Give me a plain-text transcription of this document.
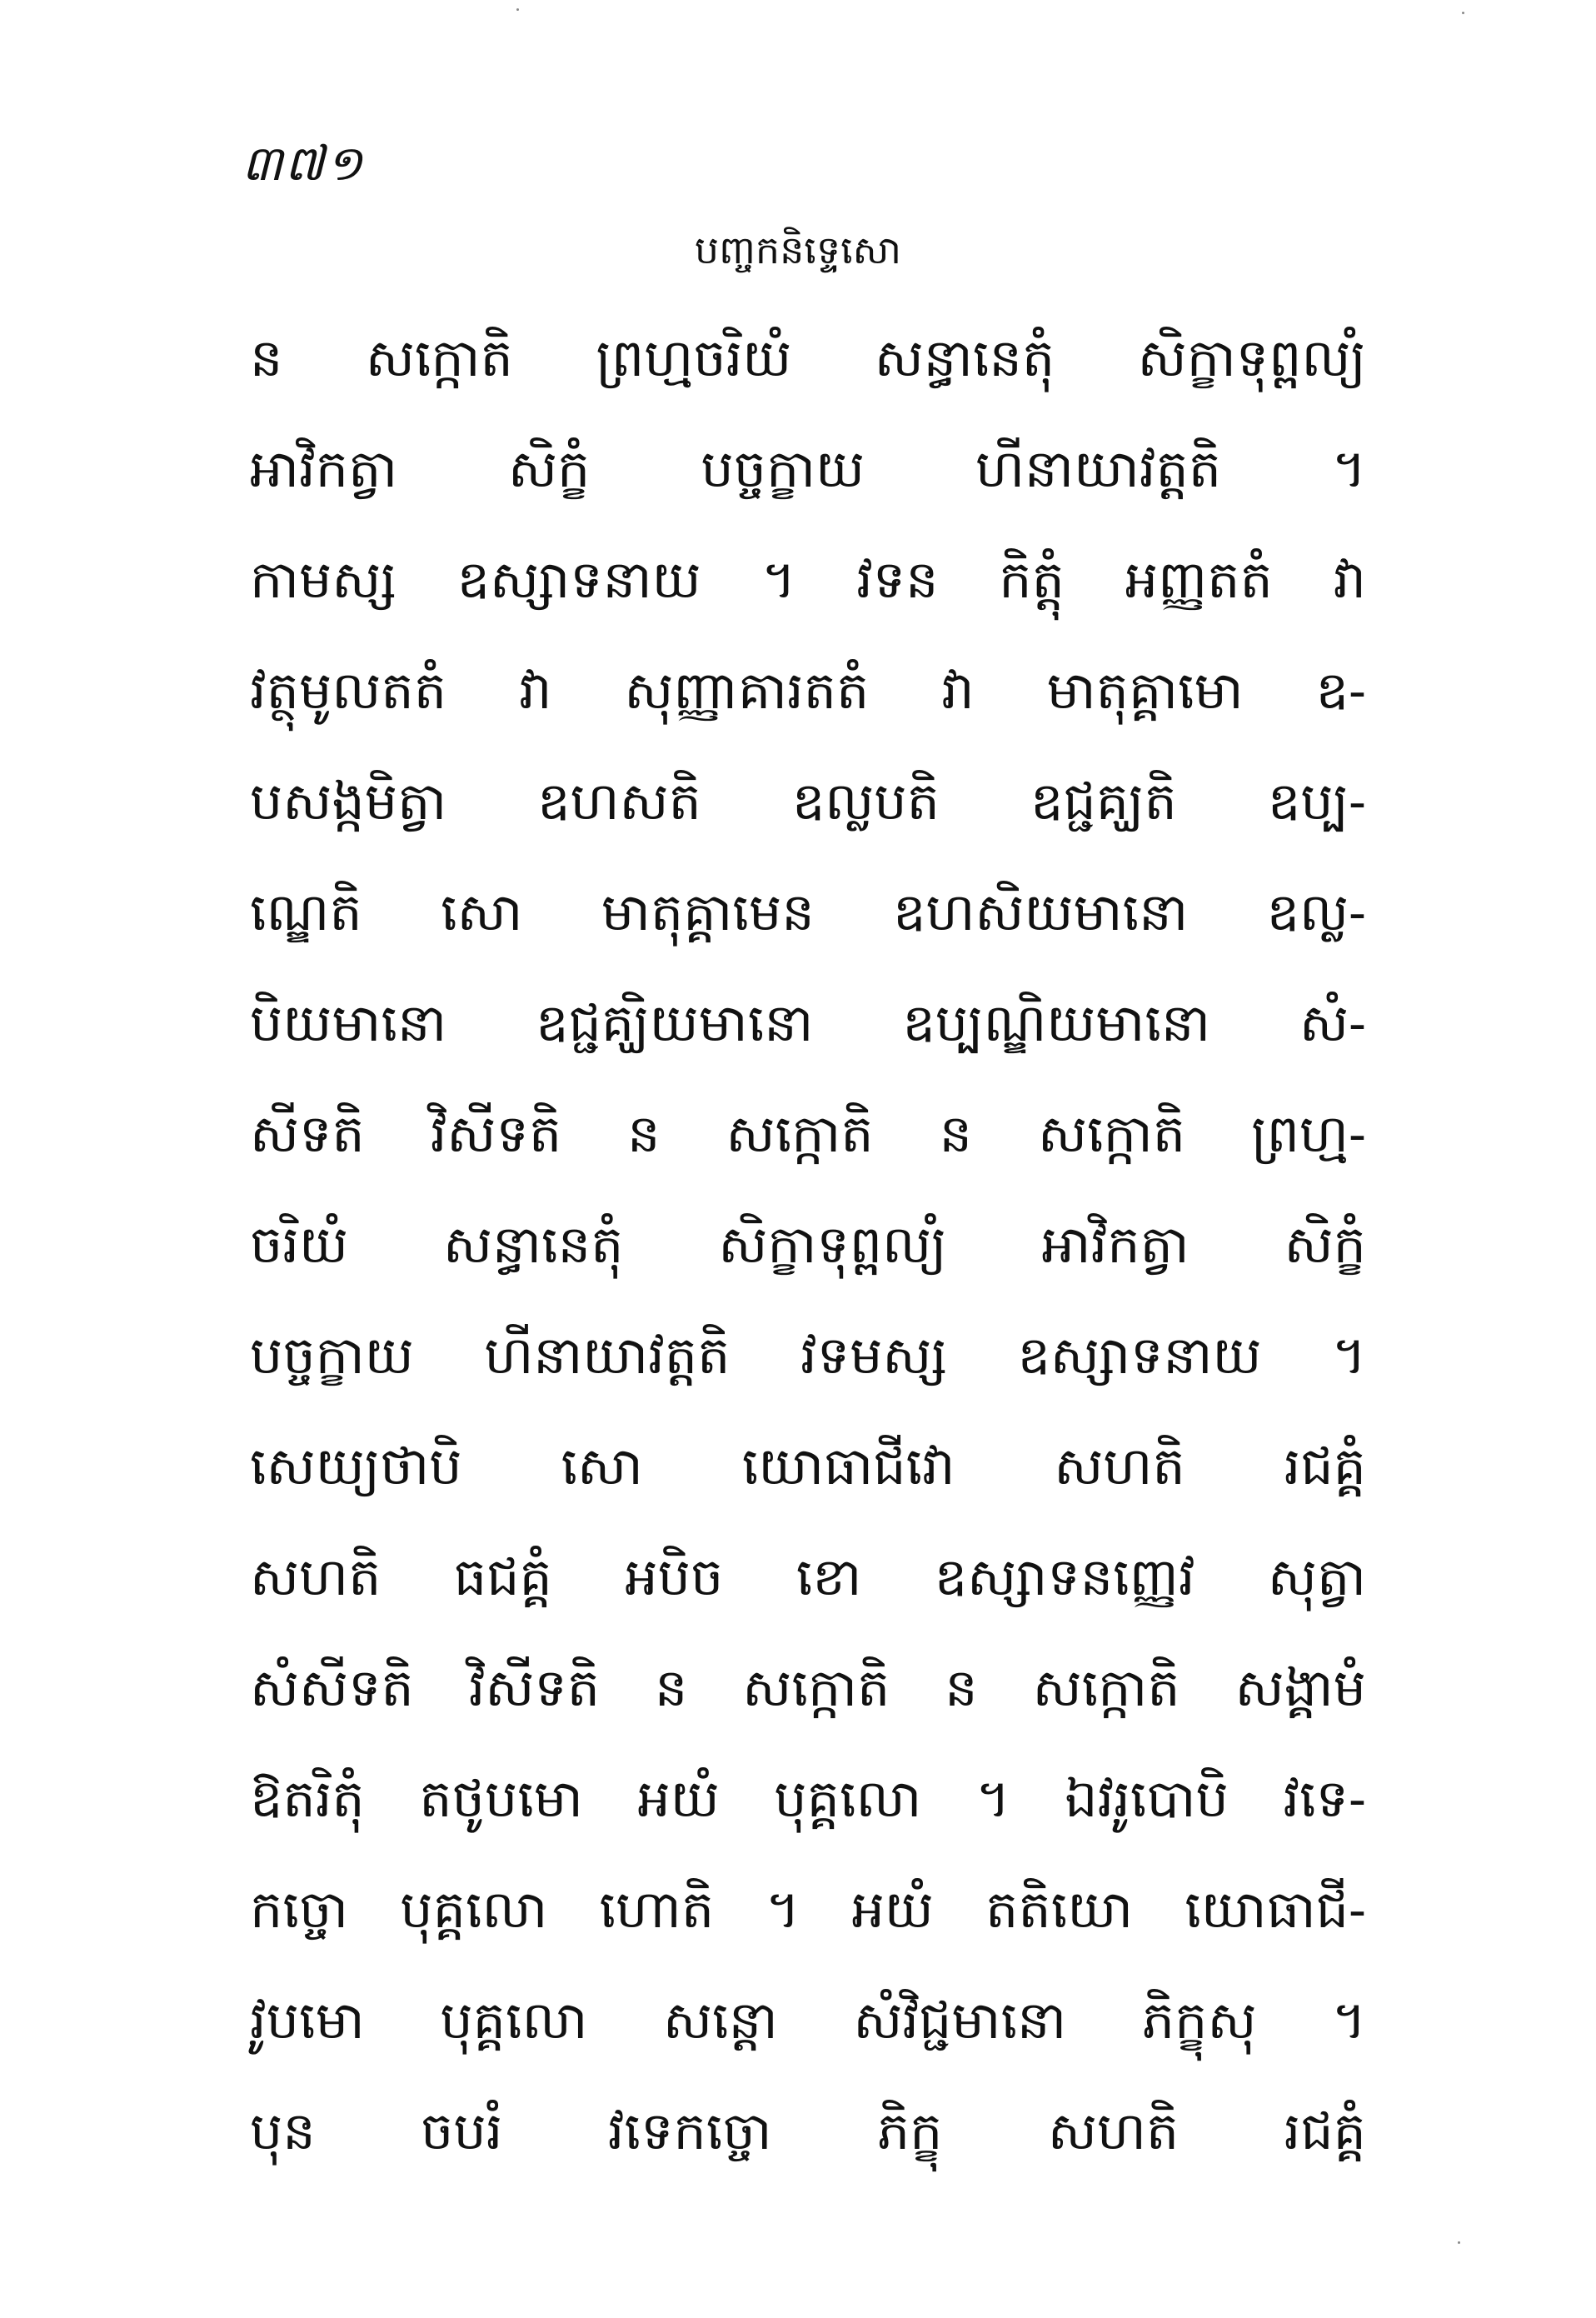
៣៧១
បញ្ចកនិទ្ទេសោ
ន សក្កោតិ ព្រហ្មចរិយំ សន្ធានេតុំ សិក្ខាទុព្ពល្យំ
អាវិកត្វា សិក្ខំ បច្ចក្ខាយ ហីនាយាវត្តតិ ។
កាមស្ស ឧស្សាទនាយ ។ វទន កិត្តុំ អញ្ញតតំ វា
វត្ថុមូលតតំ វា សុញ្ញាគារតតំ វា មាតុគ្គាមោ ឧ-
បសង្កមិត្វា ឧហសតិ ឧល្លបតិ ឧជ្ជគ្ឃតិ ឧប្ប-
ណ្ឌេតិ សោ មាតុគ្គាមេន ឧហសិយមានោ ឧល្ល-
បិយមានោ ឧជ្ជគ្ឃិយមានោ ឧប្បណ្ឌិយមានោ សំ-
សីទតិ វិសីទតិ ន សក្កោតិ ន សក្កោតិ ព្រហ្ម-
ចរិយំ សន្ធានេតុំ សិក្ខាទុព្ពល្យំ អាវិកត្វា សិក្ខំ
បច្ចក្ខាយ ហីនាយាវត្តតិ វទមស្ស ឧស្សាទនាយ ។
សេយ្យថាបិ សោ យោធាជីវោ សហតិ រជគ្គំ
សហតិ ធជគ្គំ អបិច ខោ ឧស្សាទនញ្ញេវ សុត្វា
សំសីទតិ វិសីទតិ ន សក្កោតិ ន សក្កោតិ សង្គាមំ
ឱតរិតុំ តថូបមោ អយំ បុគ្គលោ ។ ឯវរូបោបិ វទេ-
កច្ចោ បុគ្គលោ ហោតិ ។ អយំ តតិយោ យោធាជី-
វូបមោ បុគ្គលោ សន្តោ សំវិជ្ជមានោ ភិក្ខុសុ ។
បុន ចបរំ វទេកច្ចោ ភិក្ខុ សហតិ រជគ្គំ
